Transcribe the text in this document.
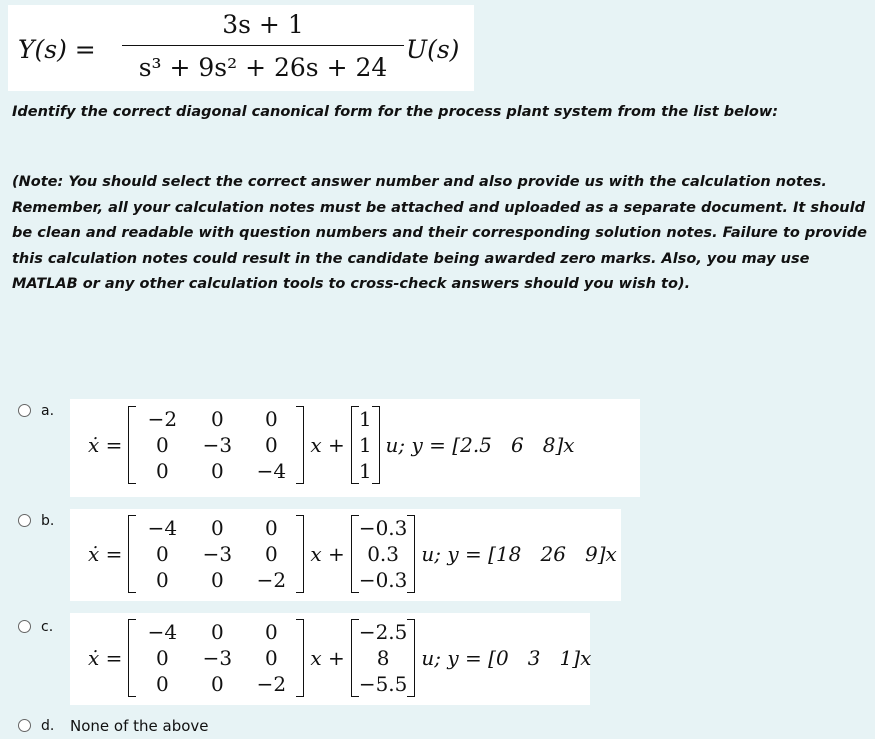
Y(s) =
3s + 1
s³ + 9s² + 26s + 24
U(s)
Identify the correct diagonal canonical form for the process plant system from the list below:
(Note: You should select the correct answer number and also provide us with the calculation notes. Remember, all your calculation notes must be attached and uploaded as a separate document. It should be clean and readable with question numbers and their corresponding solution notes. Failure to provide this calculation notes could result in the candidate being awarded zero marks. Also, you may use MATLAB or any other calculation tools to cross-check answers should you wish to).
a.
ẋ =
−2	0	0
0	−3	0
0	0	−4
x +
1
1
1
u; y = [2.5   6   8]x
b.
ẋ =
−4	0	0
0	−3	0
0	0	−2
x +
−0.3
0.3
−0.3
u; y = [18   26   9]x
c.
ẋ =
−4	0	0
0	−3	0
0	0	−2
x +
−2.5
8
−5.5
u; y = [0   3   1]x
d. None of the above
